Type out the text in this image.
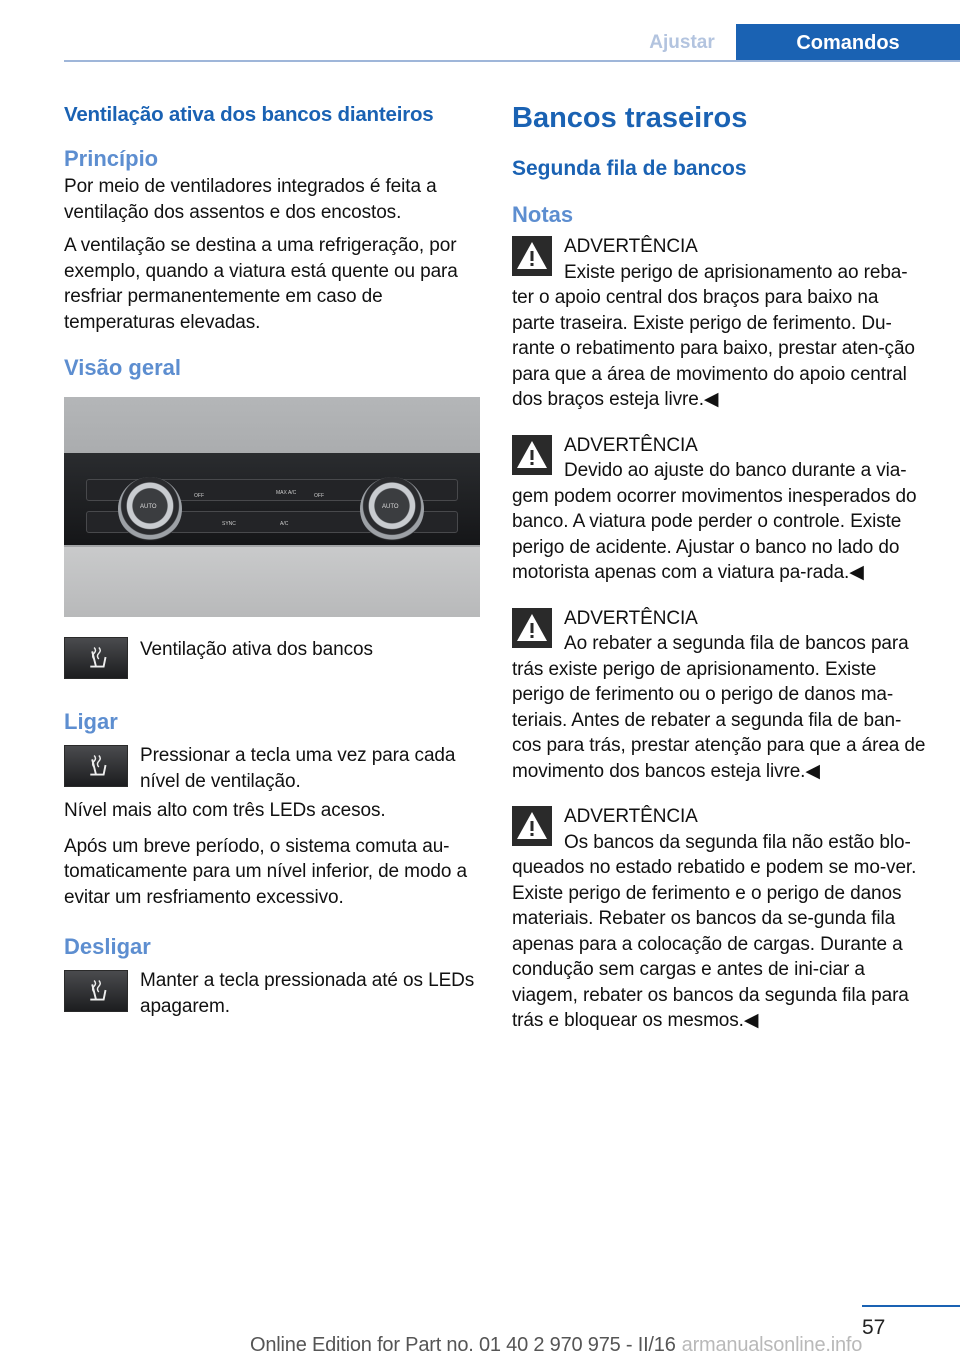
Ajustar	Comandos
Ventilação ativa dos bancos dianteiros
Princípio

Por meio de ventiladores integrados é feita a ventilação dos assentos e dos encostos.

A ventilação se destina a uma refrigeração, por exemplo, quando a viatura está quente ou para resfriar permanentemente em caso de temperaturas elevadas.

Visão geral
AUTO	AUTO
OFF	OFF
MAX A/C
SYNC	A/C

Ventilação ativa dos bancos

Ligar

Pressionar a tecla uma vez para cada nível de ventilação.

Nível mais alto com três LEDs acesos.

Após um breve período, o sistema comuta au‐tomaticamente para um nível inferior, de modo a evitar um resfriamento excessivo.

Desligar

Manter a tecla pressionada até os LEDs apagarem.

Bancos traseiros
Segunda fila de bancos
Notas

ADVERTÊNCIA

Existe perigo de aprisionamento ao reba‐

ter o apoio central dos braços para baixo na parte traseira. Existe perigo de ferimento. Du‐rante o rebatimento para baixo, prestar aten‐ção para que a área de movimento do apoio central dos braços esteja livre.◀

ADVERTÊNCIA

Devido ao ajuste do banco durante a via‐

gem podem ocorrer movimentos inesperados do banco. A viatura pode perder o controle. Existe perigo de acidente. Ajustar o banco no lado do motorista apenas com a viatura pa‐rada.◀

ADVERTÊNCIA

Ao rebater a segunda fila de bancos para

trás existe perigo de aprisionamento. Existe perigo de ferimento ou o perigo de danos ma‐teriais. Antes de rebater a segunda fila de ban‐cos para trás, prestar atenção para que a área de movimento dos bancos esteja livre.◀

ADVERTÊNCIA

Os bancos da segunda fila não estão blo‐

queados no estado rebatido e podem se mo‐ver. Existe perigo de ferimento e o perigo de danos materiais. Rebater os bancos da se‐gunda fila apenas para a colocação de cargas. Durante a condução sem cargas e antes de ini‐ciar a viagem, rebater os bancos da segunda fila para trás e bloquear os mesmos.◀

57
Online Edition for Part no. 01 40 2 970 975 - II/16 armanualsonline.info
